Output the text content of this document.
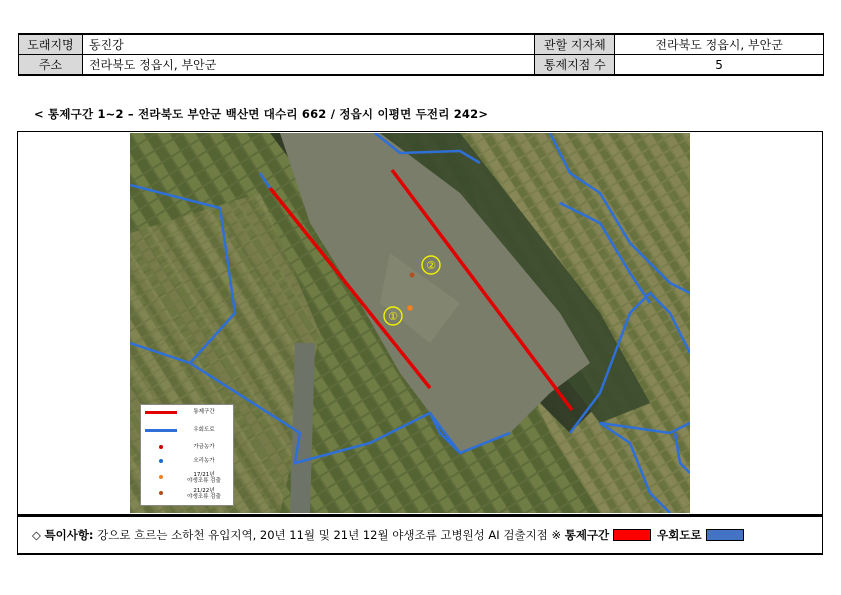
도래지명	동진강	관할 지자체	전라북도 정읍시, 부안군
주소	전라북도 정읍시, 부안군	통제지점 수	5
< 통제구간 1~2 – 전라북도 부안군 백산면 대수리 662 / 정읍시 이평면 두전리 242>
①
②
통제구간
우회도로
가금농가
오리농가
17/21년
야생조류 검출
21/22년
야생조류 검출
◇ 특이사항: 강으로 흐르는 소하천 유입지역, 20년 11월 및 21년 12월 야생조류 고병원성 AI 검출지점 ※ 통제구간	우회도로
